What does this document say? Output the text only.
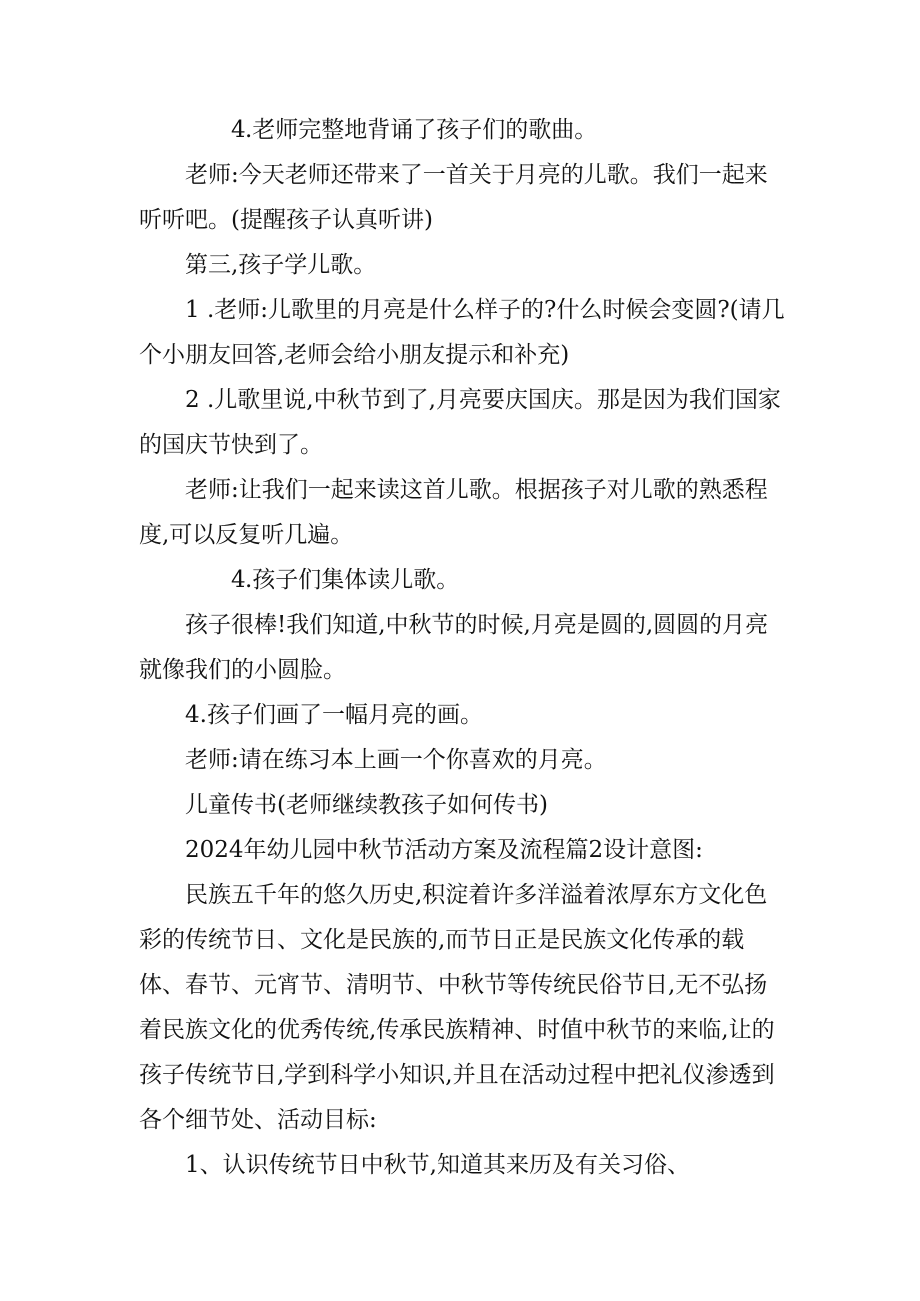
4.老师完整地背诵了孩子们的歌曲。

老师:今天老师还带来了一首关于月亮的儿歌。我们一起来听听吧。(提醒孩子认真听讲)

第三,孩子学儿歌。

1 .老师:儿歌里的月亮是什么样子的?什么时候会变圆?(请几个小朋友回答,老师会给小朋友提示和补充)

2 .儿歌里说,中秋节到了,月亮要庆国庆。那是因为我们国家的国庆节快到了。

老师:让我们一起来读这首儿歌。根据孩子对儿歌的熟悉程度,可以反复听几遍。

4.孩子们集体读儿歌。

孩子很棒!我们知道,中秋节的时候,月亮是圆的,圆圆的月亮就像我们的小圆脸。

4.孩子们画了一幅月亮的画。

老师:请在练习本上画一个你喜欢的月亮。

儿童传书(老师继续教孩子如何传书)

2024年幼儿园中秋节活动方案及流程篇2设计意图:

民族五千年的悠久历史,积淀着许多洋溢着浓厚东方文化色彩的传统节日、文化是民族的,而节日正是民族文化传承的载体、春节、元宵节、清明节、中秋节等传统民俗节日,无不弘扬着民族文化的优秀传统,传承民族精神、时值中秋节的来临,让的孩子传统节日,学到科学小知识,并且在活动过程中把礼仪渗透到各个细节处、活动目标:

1、认识传统节日中秋节,知道其来历及有关习俗、
